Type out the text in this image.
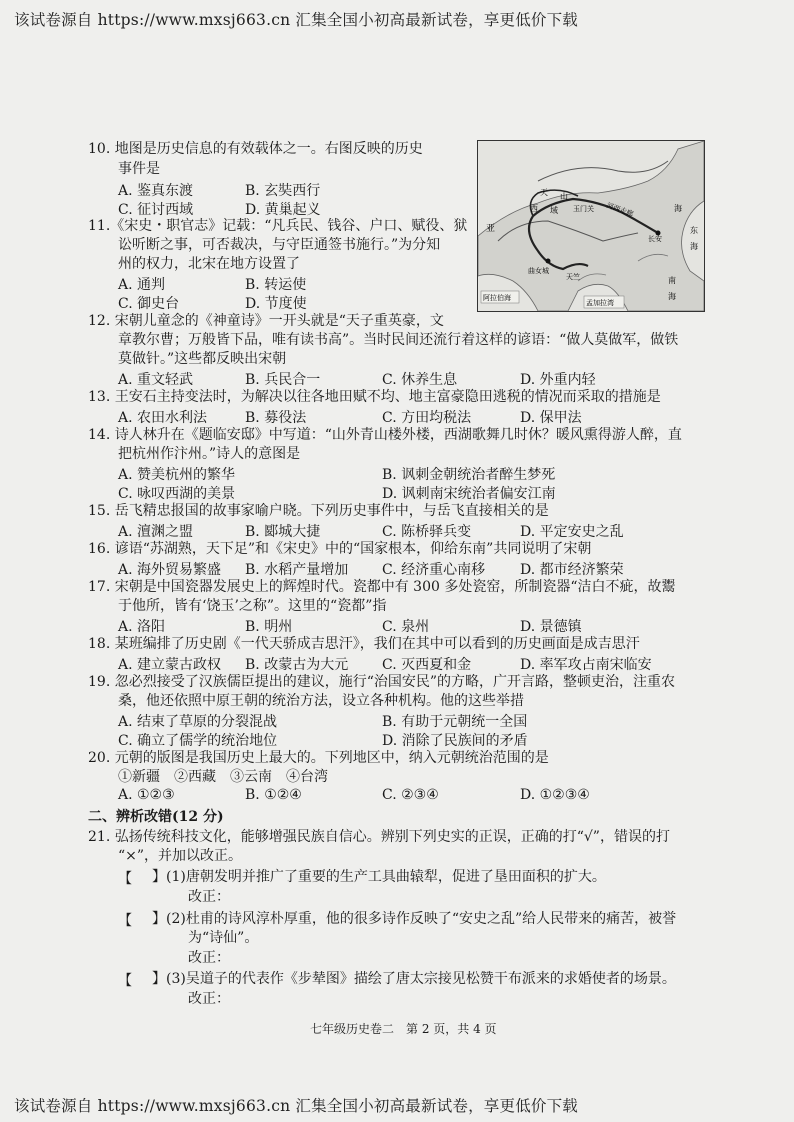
该试卷源自 https://www.mxsj663.cn 汇集全国小初高最新试卷，享更低价下载
10. 地图是历史信息的有效载体之一。右图反映的历史
事件是
A. 鉴真东渡	B. 玄奘西行
C. 征讨西域	D. 黄巢起义
天 山
西 域 玉门关 河西走廊
长安
亚
曲女城
天竺
东
海
南
海
阿拉伯海
孟加拉湾
海
11.《宋史・职官志》记载：“凡兵民、钱谷、户口、赋役、狱
讼听断之事，可否裁决，与守臣通签书施行。”为分知
州的权力，北宋在地方设置了
A. 通判	B. 转运使
C. 御史台	D. 节度使
12. 宋朝儿童念的《神童诗》一开头就是“天子重英豪，文
章教尔曹；万般皆下品，唯有读书高”。当时民间还流行着这样的谚语：“做人莫做军，做铁
莫做针。”这些都反映出宋朝
A. 重文轻武	B. 兵民合一	C. 休养生息	D. 外重内轻
13. 王安石主持变法时，为解决以往各地田赋不均、地主富豪隐田逃税的情况而采取的措施是
A. 农田水利法	B. 募役法	C. 方田均税法	D. 保甲法
14. 诗人林升在《题临安邸》中写道：“山外青山楼外楼，西湖歌舞几时休？暖风熏得游人醉，直
把杭州作汴州。”诗人的意图是
A. 赞美杭州的繁华	B. 讽刺金朝统治者醉生梦死
C. 咏叹西湖的美景	D. 讽刺南宋统治者偏安江南
15. 岳飞精忠报国的故事家喻户晓。下列历史事件中，与岳飞直接相关的是
A. 澶渊之盟	B. 郾城大捷	C. 陈桥驿兵变	D. 平定安史之乱
16. 谚语“苏湖熟，天下足”和《宋史》中的“国家根本，仰给东南”共同说明了宋朝
A. 海外贸易繁盛 B. 水稻产量增加 C. 经济重心南移 D. 都市经济繁荣
17. 宋朝是中国瓷器发展史上的辉煌时代。瓷都中有 300 多处瓷窑，所制瓷器“洁白不疵，故鬻
于他所，皆有‘饶玉’之称”。这里的“瓷都”指
A. 洛阳	B. 明州	C. 泉州	D. 景德镇
18. 某班编排了历史剧《一代天骄成吉思汗》，我们在其中可以看到的历史画面是成吉思汗
A. 建立蒙古政权 B. 改蒙古为大元 C. 灭西夏和金	D. 率军攻占南宋临安
19. 忽必烈接受了汉族儒臣提出的建议，施行“治国安民”的方略，广开言路，整顿吏治，注重农
桑，他还依照中原王朝的统治方法，设立各种机构。他的这些举措
A. 结束了草原的分裂混战	B. 有助于元朝统一全国
C. 确立了儒学的统治地位	D. 消除了民族间的矛盾
20. 元朝的版图是我国历史上最大的。下列地区中，纳入元朝统治范围的是
①新疆　②西藏　③云南　④台湾
A. ①②③	B. ①②④	C. ②③④	D. ①②③④
二、辨析改错(12 分)
21. 弘扬传统科技文化，能够增强民族自信心。辨别下列史实的正误，正确的打“√”，错误的打
“×”，并加以改正。
【 】(1)唐朝发明并推广了重要的生产工具曲辕犁，促进了垦田面积的扩大。
改正：
【 】(2)杜甫的诗风淳朴厚重，他的很多诗作反映了“安史之乱”给人民带来的痛苦，被誉
为“诗仙”。
改正：
【 】(3)吴道子的代表作《步辇图》描绘了唐太宗接见松赞干布派来的求婚使者的场景。
改正：
七年级历史卷二　第 2 页，共 4 页
该试卷源自 https://www.mxsj663.cn 汇集全国小初高最新试卷，享更低价下载
